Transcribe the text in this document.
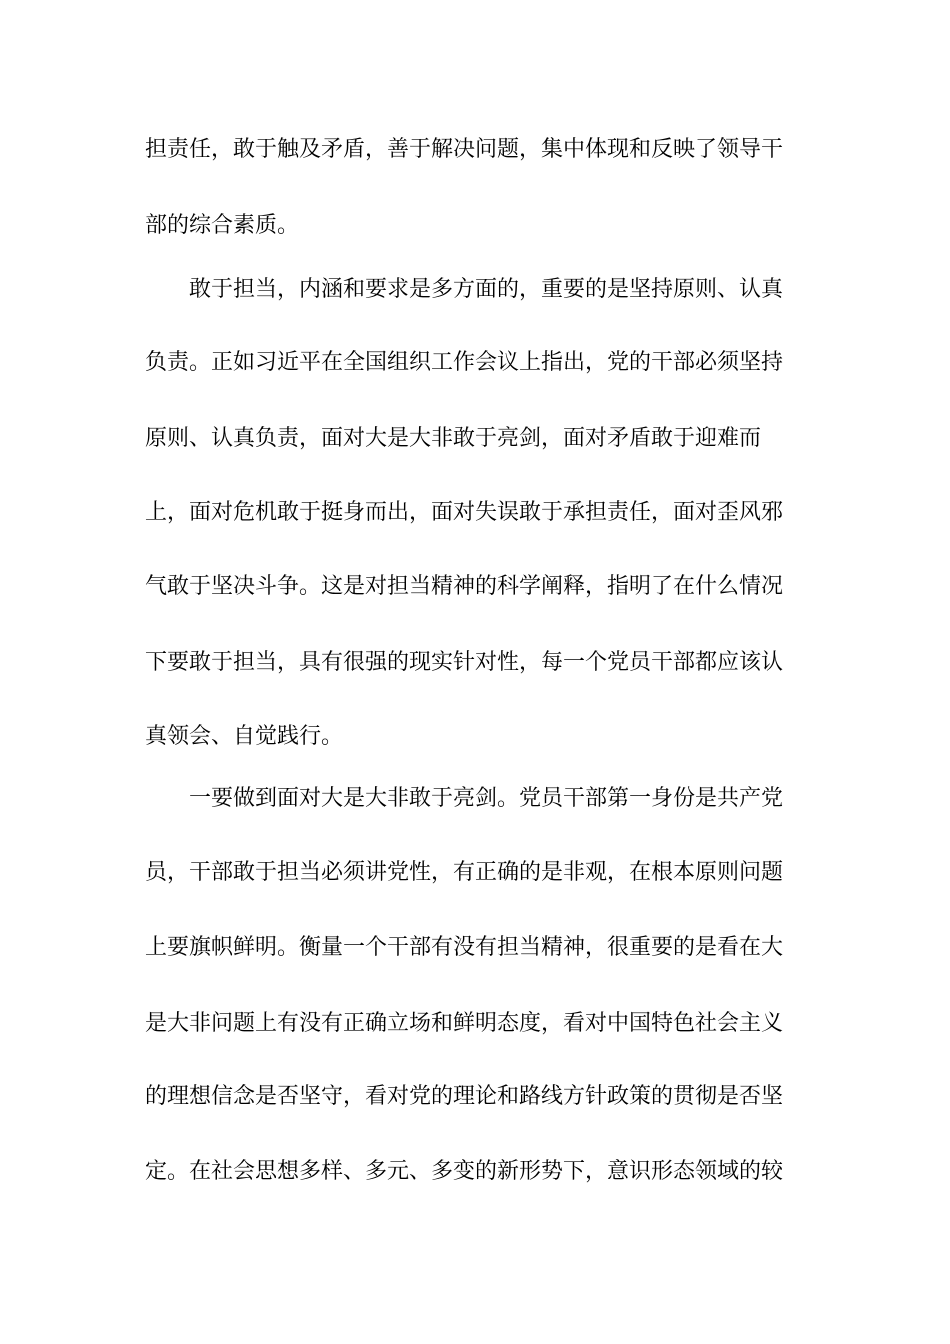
担责任，敢于触及矛盾，善于解决问题，集中体现和反映了领导干
部的综合素质。
敢于担当，内涵和要求是多方面的，重要的是坚持原则、认真
负责。正如习近平在全国组织工作会议上指出，党的干部必须坚持
原则、认真负责，面对大是大非敢于亮剑，面对矛盾敢于迎难而
上，面对危机敢于挺身而出，面对失误敢于承担责任，面对歪风邪
气敢于坚决斗争。这是对担当精神的科学阐释，指明了在什么情况
下要敢于担当，具有很强的现实针对性，每一个党员干部都应该认
真领会、自觉践行。
一要做到面对大是大非敢于亮剑。党员干部第一身份是共产党
员，干部敢于担当必须讲党性，有正确的是非观，在根本原则问题
上要旗帜鲜明。衡量一个干部有没有担当精神，很重要的是看在大
是大非问题上有没有正确立场和鲜明态度，看对中国特色社会主义
的理想信念是否坚守，看对党的理论和路线方针政策的贯彻是否坚
定。在社会思想多样、多元、多变的新形势下，意识形态领域的较
